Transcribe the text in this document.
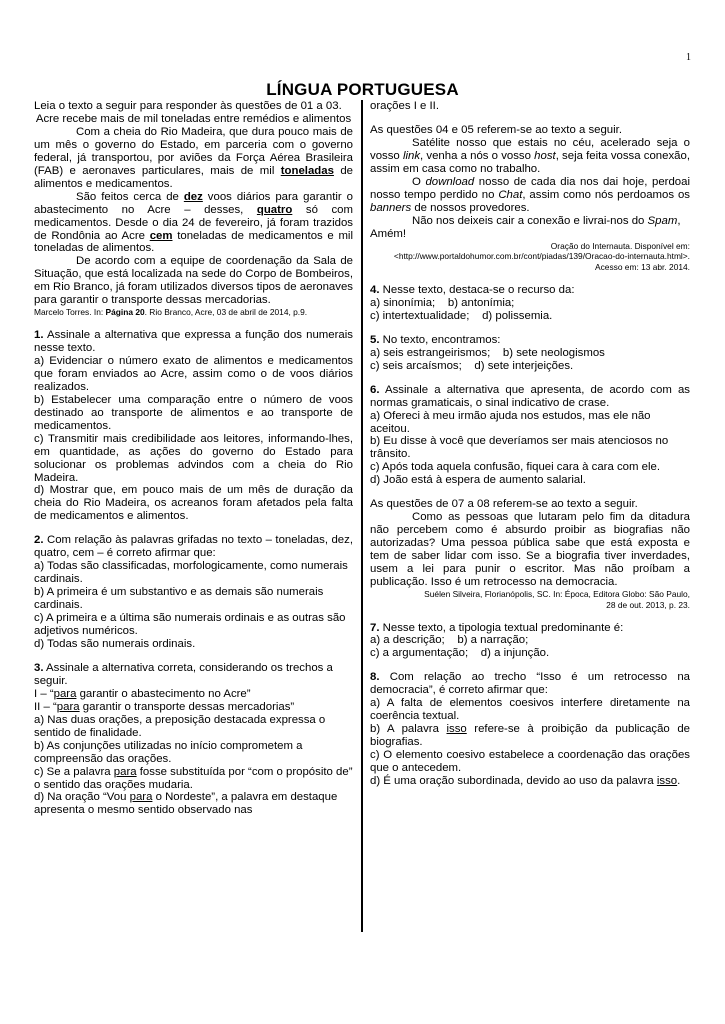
1
LÍNGUA PORTUGUESA

Leia o texto a seguir para responder às questões de 01 a 03.

Acre recebe mais de mil toneladas entre remédios e alimentos

Com a cheia do Rio Madeira, que dura pouco mais de um mês o governo do Estado, em parceria com o governo federal, já transportou, por aviões da Força Aérea Brasileira (FAB) e aeronaves particulares, mais de mil toneladas de alimentos e medicamentos.

São feitos cerca de dez voos diários para garantir o abastecimento no Acre – desses, quatro só com medicamentos. Desde o dia 24 de fevereiro, já foram trazidos de Rondônia ao Acre cem toneladas de medicamentos e mil toneladas de alimentos.

De acordo com a equipe de coordenação da Sala de Situação, que está localizada na sede do Corpo de Bombeiros, em Rio Branco, já foram utilizados diversos tipos de aeronaves para garantir o transporte dessas mercadorias.

Marcelo Torres. In: Página 20. Rio Branco, Acre, 03 de abril de 2014, p.9.

1. Assinale a alternativa que expressa a função dos numerais nesse texto.

a) Evidenciar o número exato de alimentos e medicamentos que foram enviados ao Acre, assim como o de voos diários realizados.

b) Estabelecer uma comparação entre o número de voos destinado ao transporte de alimentos e ao transporte de medicamentos.

c) Transmitir mais credibilidade aos leitores, informando-lhes, em quantidade, as ações do governo do Estado para solucionar os problemas advindos com a cheia do Rio Madeira.

d) Mostrar que, em pouco mais de um mês de duração da cheia do Rio Madeira, os acreanos foram afetados pela falta de medicamentos e alimentos.

2. Com relação às palavras grifadas no texto – toneladas, dez, quatro, cem – é correto afirmar que:

a) Todas são classificadas, morfologicamente, como numerais cardinais.

b) A primeira é um substantivo e as demais são numerais cardinais.

c) A primeira e a última são numerais ordinais e as outras são adjetivos numéricos.

d) Todas são numerais ordinais.

3. Assinale a alternativa correta, considerando os trechos a seguir.

I – “para garantir o abastecimento no Acre”

II – “para garantir o transporte dessas mercadorias”

a) Nas duas orações, a preposição destacada expressa o sentido de finalidade.

b) As conjunções utilizadas no início comprometem a compreensão das orações.

c) Se a palavra para fosse substituída por “com o propósito de” o sentido das orações mudaria.

d) Na oração “Vou para o Nordeste”, a palavra em destaque apresenta o mesmo sentido observado nas

orações I e II.

As questões 04 e 05 referem-se ao texto a seguir.

Satélite nosso que estais no céu, acelerado seja o vosso link, venha a nós o vosso host, seja feita vossa conexão, assim em casa como no trabalho.

O download nosso de cada dia nos dai hoje, perdoai nosso tempo perdido no Chat, assim como nós perdoamos os banners de nossos provedores.

Não nos deixeis cair a conexão e livrai-nos do Spam,

Amém!

Oração do Internauta. Disponível em:

<http://www.portaldohumor.com.br/cont/piadas/139/Oracao-do-internauta.html>. Acesso em: 13 abr. 2014.

4. Nesse texto, destaca-se o recurso da:

a) sinonímia;    b) antonímia;

c) intertextualidade;    d) polissemia.

5. No texto, encontramos:

a) seis estrangeirismos;    b) sete neologismos

c) seis arcaísmos;    d) sete interjeições.

6. Assinale a alternativa que apresenta, de acordo com as normas gramaticais, o sinal indicativo de crase.

a) Ofereci à meu irmão ajuda nos estudos, mas ele não aceitou.

b) Eu disse à você que deveríamos ser mais atenciosos no trânsito.

c) Após toda aquela confusão, fiquei cara à cara com ele.

d) João está à espera de aumento salarial.

As questões de 07 a 08 referem-se ao texto a seguir.

Como as pessoas que lutaram pelo fim da ditadura não percebem como é absurdo proibir as biografias não autorizadas? Uma pessoa pública sabe que está exposta e tem de saber lidar com isso. Se a biografia tiver inverdades, usem a lei para punir o escritor. Mas não proíbam a publicação. Isso é um retrocesso na democracia.

Suélen Silveira, Florianópolis, SC. In: Época, Editora Globo: São Paulo,

28 de out. 2013, p. 23.

7. Nesse texto, a tipologia textual predominante é:

a) a descrição;    b) a narração;

c) a argumentação;    d) a injunção.

8. Com relação ao trecho “Isso é um retrocesso na democracia”, é correto afirmar que:

a) A falta de elementos coesivos interfere diretamente na coerência textual.

b) A palavra isso refere-se à proibição da publicação de biografias.

c) O elemento coesivo estabelece a coordenação das orações que o antecedem.

d) É uma oração subordinada, devido ao uso da palavra isso.
